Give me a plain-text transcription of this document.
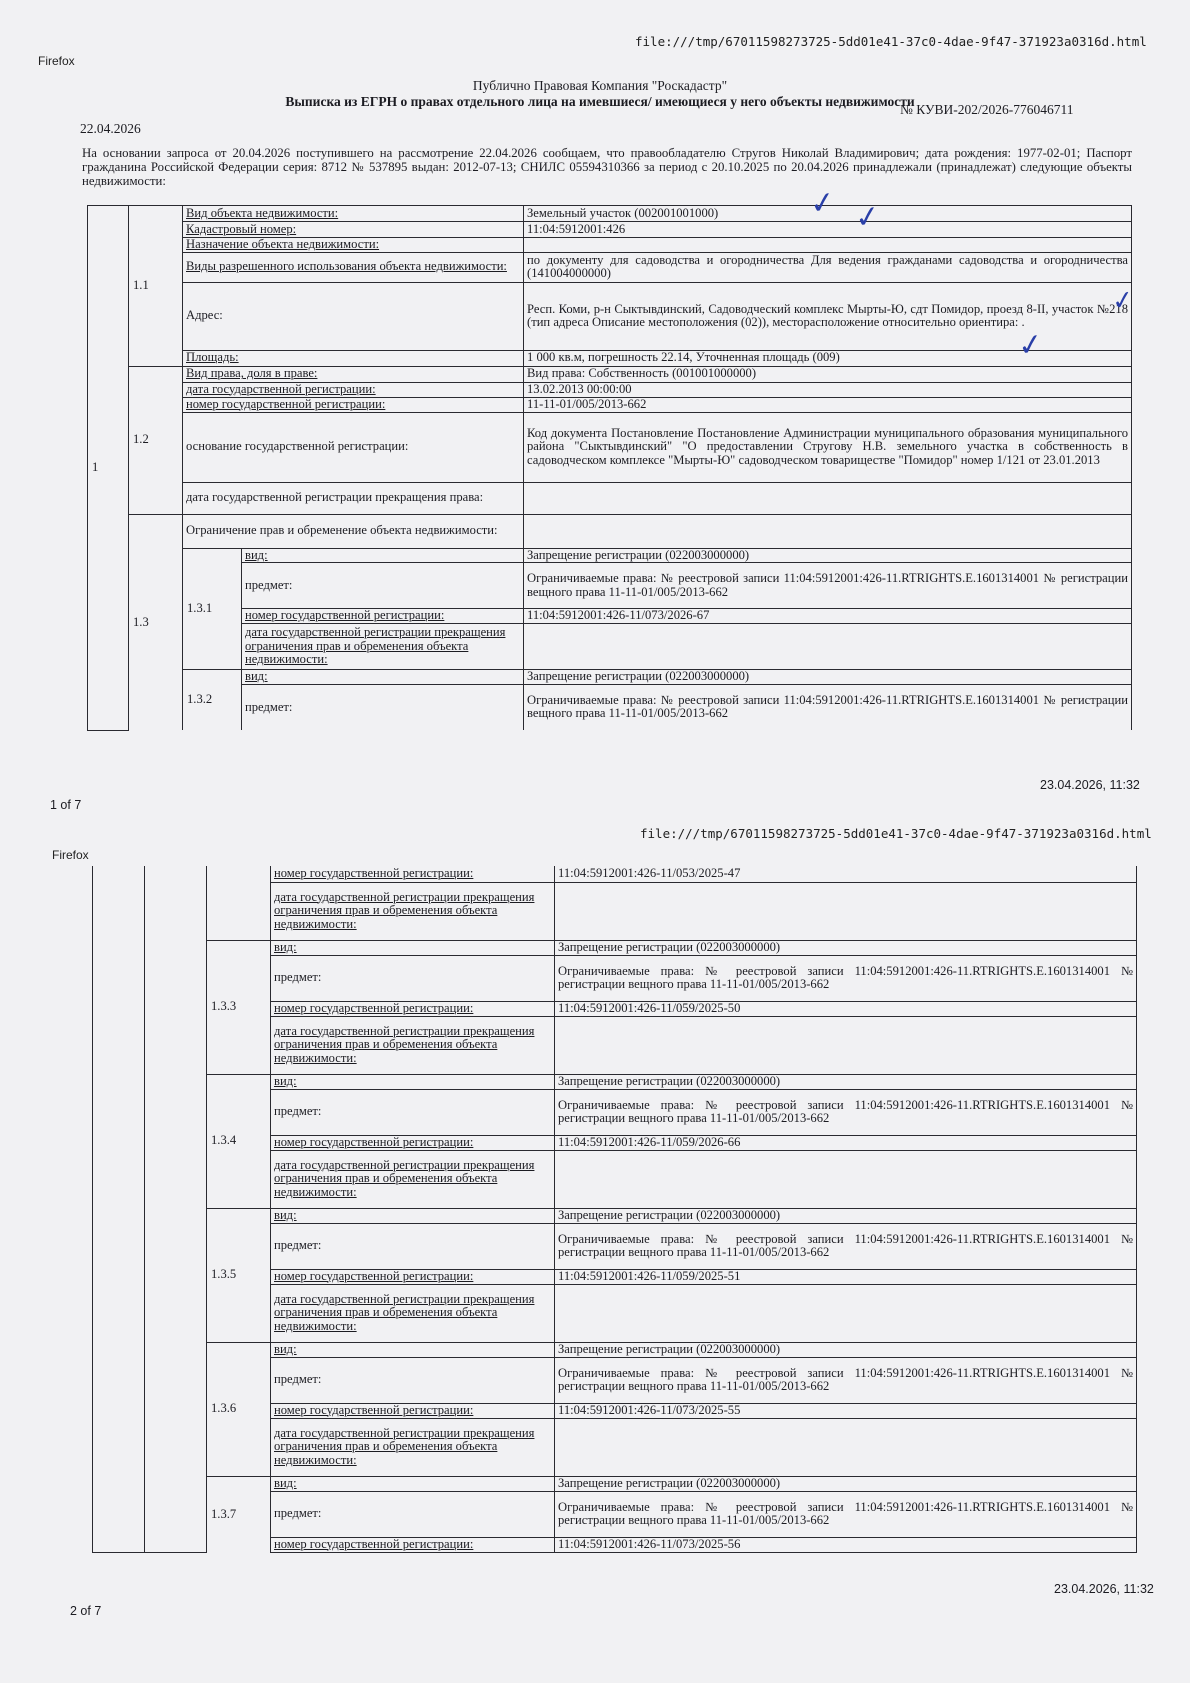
Firefox
file:///tmp/67011598273725-5dd01e41-37c0-4dae-9f47-371923a0316d.html
Публично Правовая Компания "Роскадастр"
Выписка из ЕГРН о правах отдельного лица на имевшиеся/ имеющиеся у него объекты недвижимости
№ КУВИ-202/2026-776046711
22.04.2026
На основании запроса от 20.04.2026 поступившего на рассмотрение 22.04.2026 сообщаем, что правообладателю Стругов Николай Владимирович; дата рождения: 1977-02-01; Паспорт гражданина Российской Федерации серия: 8712 № 537895 выдан: 2012-07-13; СНИЛС 05594310366 за период с 20.10.2025 по 20.04.2026 принадлежали (принадлежат) следующие объекты недвижимости:
1	1.1	Вид объекта недвижимости:		Земельный участок (002001001000)
		Кадастровый номер:		11:04:5912001:426
		Назначение объекта недвижимости:		
		Виды разрешенного использования объекта недвижимости:		по документу для садоводства и огородничества Для ведения гражданами садоводства и огородничества (141004000000)
		Адрес:		Респ. Коми, р-н Сыктывдинский, Садоводческий комплекс Мырты-Ю, сдт Помидор, проезд 8-II, участок №218 (тип адреса Описание местоположения (02)), месторасположение относительно ориентира: .
		Площадь:		1 000 кв.м, погрешность 22.14, Уточненная площадь (009)
	1.2	Вид права, доля в праве:		Вид права: Собственность (001001000000)
		дата государственной регистрации:		13.02.2013 00:00:00
		номер государственной регистрации:		11-11-01/005/2013-662
		основание государственной регистрации:		Код документа Постановление Постановление Администрации муниципального образования муниципального района "Сыктывдинский" "О предоставлении Стругову Н.В. земельного участка в собственность в садоводческом комплексе "Мырты-Ю" садоводческом товариществе "Помидор" номер 1/121 от 23.01.2013
		дата государственной регистрации прекращения права:		
	1.3	Ограничение прав и обременение объекта недвижимости:		
		1.3.1	вид:	Запрещение регистрации (022003000000)
			предмет:	Ограничиваемые права: № реестровой записи 11:04:5912001:426-11.RTRIGHTS.E.1601314001 № регистрации вещного права 11-11-01/005/2013-662
			номер государственной регистрации:	11:04:5912001:426-11/073/2026-67
			дата государственной регистрации прекращения ограничения прав и обременения объекта недвижимости:	
		1.3.2	вид:	Запрещение регистрации (022003000000)
			предмет:	Ограничиваемые права: № реестровой записи 11:04:5912001:426-11.RTRIGHTS.E.1601314001 № регистрации вещного права 11-11-01/005/2013-662
✓ ✓
✓
✓
1 of 7
23.04.2026, 11:32
file:///tmp/67011598273725-5dd01e41-37c0-4dae-9f47-371923a0316d.html
Firefox
			номер государственной регистрации:	11:04:5912001:426-11/053/2025-47
			дата государственной регистрации прекращения ограничения прав и обременения объекта недвижимости:	
		1.3.3	вид:	Запрещение регистрации (022003000000)
			предмет:	Ограничиваемые права: № реестровой записи 11:04:5912001:426-11.RTRIGHTS.E.1601314001 № регистрации вещного права 11-11-01/005/2013-662
			номер государственной регистрации:	11:04:5912001:426-11/059/2025-50
			дата государственной регистрации прекращения ограничения прав и обременения объекта недвижимости:	
		1.3.4	вид:	Запрещение регистрации (022003000000)
			предмет:	Ограничиваемые права: № реестровой записи 11:04:5912001:426-11.RTRIGHTS.E.1601314001 № регистрации вещного права 11-11-01/005/2013-662
			номер государственной регистрации:	11:04:5912001:426-11/059/2026-66
			дата государственной регистрации прекращения ограничения прав и обременения объекта недвижимости:	
		1.3.5	вид:	Запрещение регистрации (022003000000)
			предмет:	Ограничиваемые права: № реестровой записи 11:04:5912001:426-11.RTRIGHTS.E.1601314001 № регистрации вещного права 11-11-01/005/2013-662
			номер государственной регистрации:	11:04:5912001:426-11/059/2025-51
			дата государственной регистрации прекращения ограничения прав и обременения объекта недвижимости:	
		1.3.6	вид:	Запрещение регистрации (022003000000)
			предмет:	Ограничиваемые права: № реестровой записи 11:04:5912001:426-11.RTRIGHTS.E.1601314001 № регистрации вещного права 11-11-01/005/2013-662
			номер государственной регистрации:	11:04:5912001:426-11/073/2025-55
			дата государственной регистрации прекращения ограничения прав и обременения объекта недвижимости:	
		1.3.7	вид:	Запрещение регистрации (022003000000)
			предмет:	Ограничиваемые права: № реестровой записи 11:04:5912001:426-11.RTRIGHTS.E.1601314001 № регистрации вещного права 11-11-01/005/2013-662
			номер государственной регистрации:	11:04:5912001:426-11/073/2025-56
2 of 7
23.04.2026, 11:32
